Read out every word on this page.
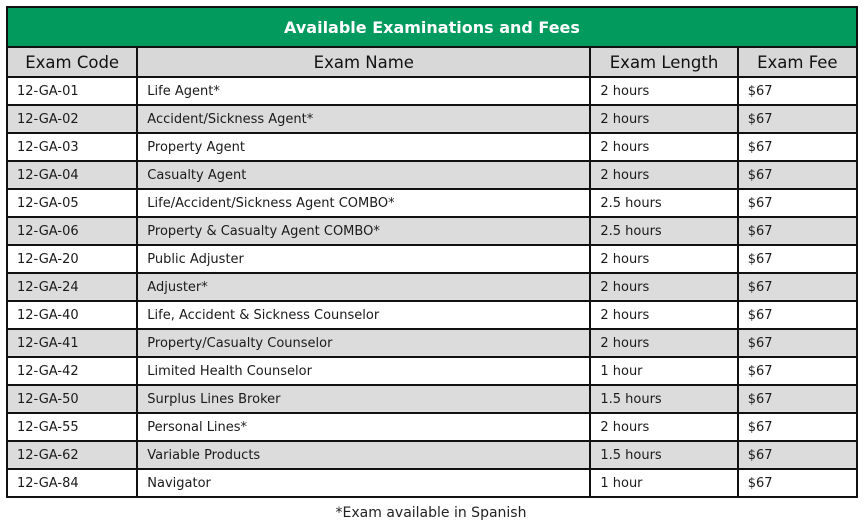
Available Examinations and Fees			
Exam Code	Exam Name	Exam Length	Exam Fee
12-GA-01	Life Agent*	2 hours	$67
12-GA-02	Accident/Sickness Agent*	2 hours	$67
12-GA-03	Property Agent	2 hours	$67
12-GA-04	Casualty Agent	2 hours	$67
12-GA-05	Life/Accident/Sickness Agent COMBO*	2.5 hours	$67
12-GA-06	Property & Casualty Agent COMBO*	2.5 hours	$67
12-GA-20	Public Adjuster	2 hours	$67
12-GA-24	Adjuster*	2 hours	$67
12-GA-40	Life, Accident & Sickness Counselor	2 hours	$67
12-GA-41	Property/Casualty Counselor	2 hours	$67
12-GA-42	Limited Health Counselor	1 hour	$67
12-GA-50	Surplus Lines Broker	1.5 hours	$67
12-GA-55	Personal Lines*	2 hours	$67
12-GA-62	Variable Products	1.5 hours	$67
12-GA-84	Navigator	1 hour	$67
*Exam available in Spanish
